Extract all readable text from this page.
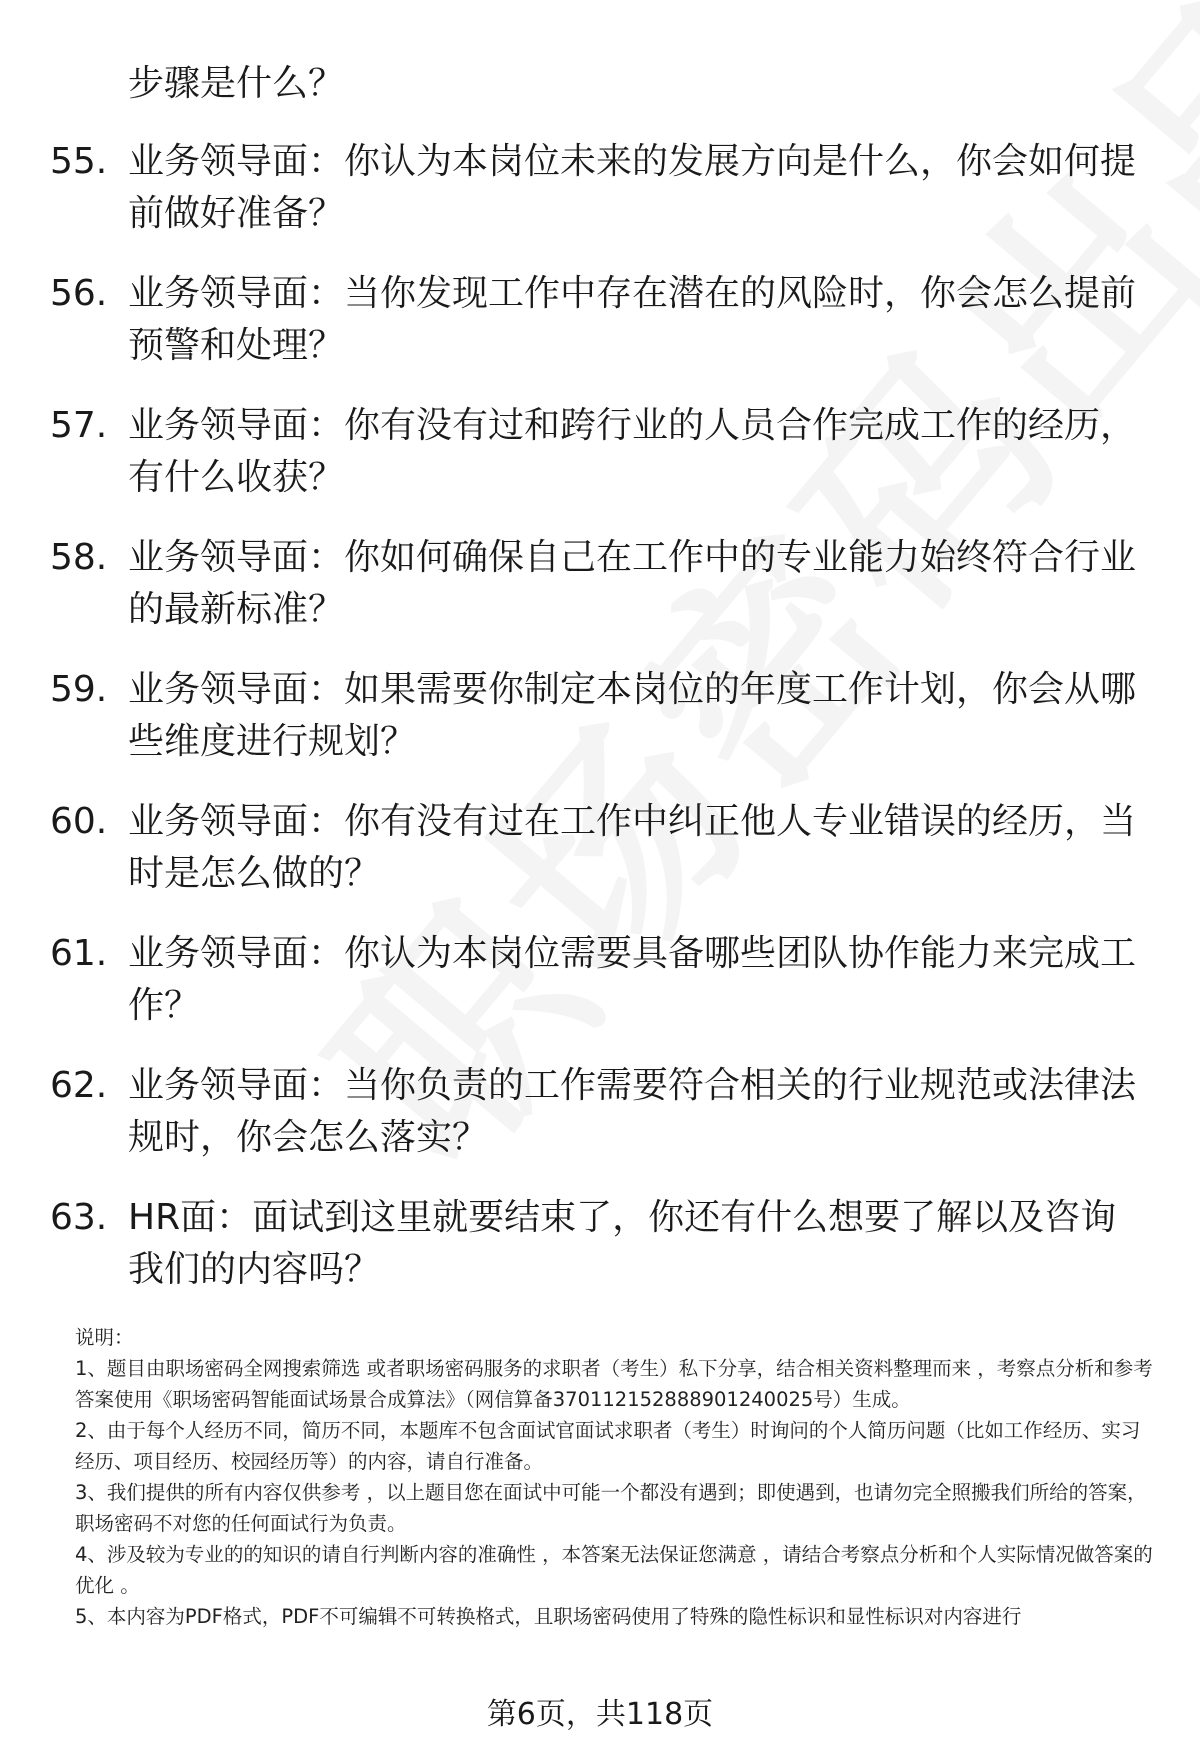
步骤是什么？
55. 业务领导面：你认为本岗位未来的发展方向是什么，你会如何提前做好准备？
56. 业务领导面：当你发现工作中存在潜在的风险时，你会怎么提前预警和处理？
57. 业务领导面：你有没有过和跨行业的人员合作完成工作的经历，有什么收获？
58. 业务领导面：你如何确保自己在工作中的专业能力始终符合行业的最新标准？
59. 业务领导面：如果需要你制定本岗位的年度工作计划，你会从哪些维度进行规划？
60. 业务领导面：你有没有过在工作中纠正他人专业错误的经历，当时是怎么做的？
61. 业务领导面：你认为本岗位需要具备哪些团队协作能力来完成工作？
62. 业务领导面：当你负责的工作需要符合相关的行业规范或法律法规时，你会怎么落实？
63. HR面：面试到这里就要结束了，你还有什么想要了解以及咨询我们的内容吗？

说明：

1、题目由职场密码全网搜索筛选 或者职场密码服务的求职者（考生）私下分享，结合相关资料整理而来 ，考察点分析和参考答案使用《职场密码智能面试场景合成算法》（网信算备370112152888901240025号）生成。

2、由于每个人经历不同，简历不同，本题库不包含面试官面试求职者（考生）时询问的个人简历问题（比如工作经历、实习经历、项目经历、校园经历等）的内容，请自行准备。

3、我们提供的所有内容仅供参考 ，以上题目您在面试中可能一个都没有遇到；即使遇到，也请勿完全照搬我们所给的答案，职场密码不对您的任何面试行为负责。

4、涉及较为专业的的知识的请自行判断内容的准确性 ，本答案无法保证您满意 ，请结合考察点分析和个人实际情况做答案的优化 。

5、本内容为PDF格式，PDF不可编辑不可转换格式，且职场密码使用了特殊的隐性标识和显性标识对内容进行

第6页，共118页
